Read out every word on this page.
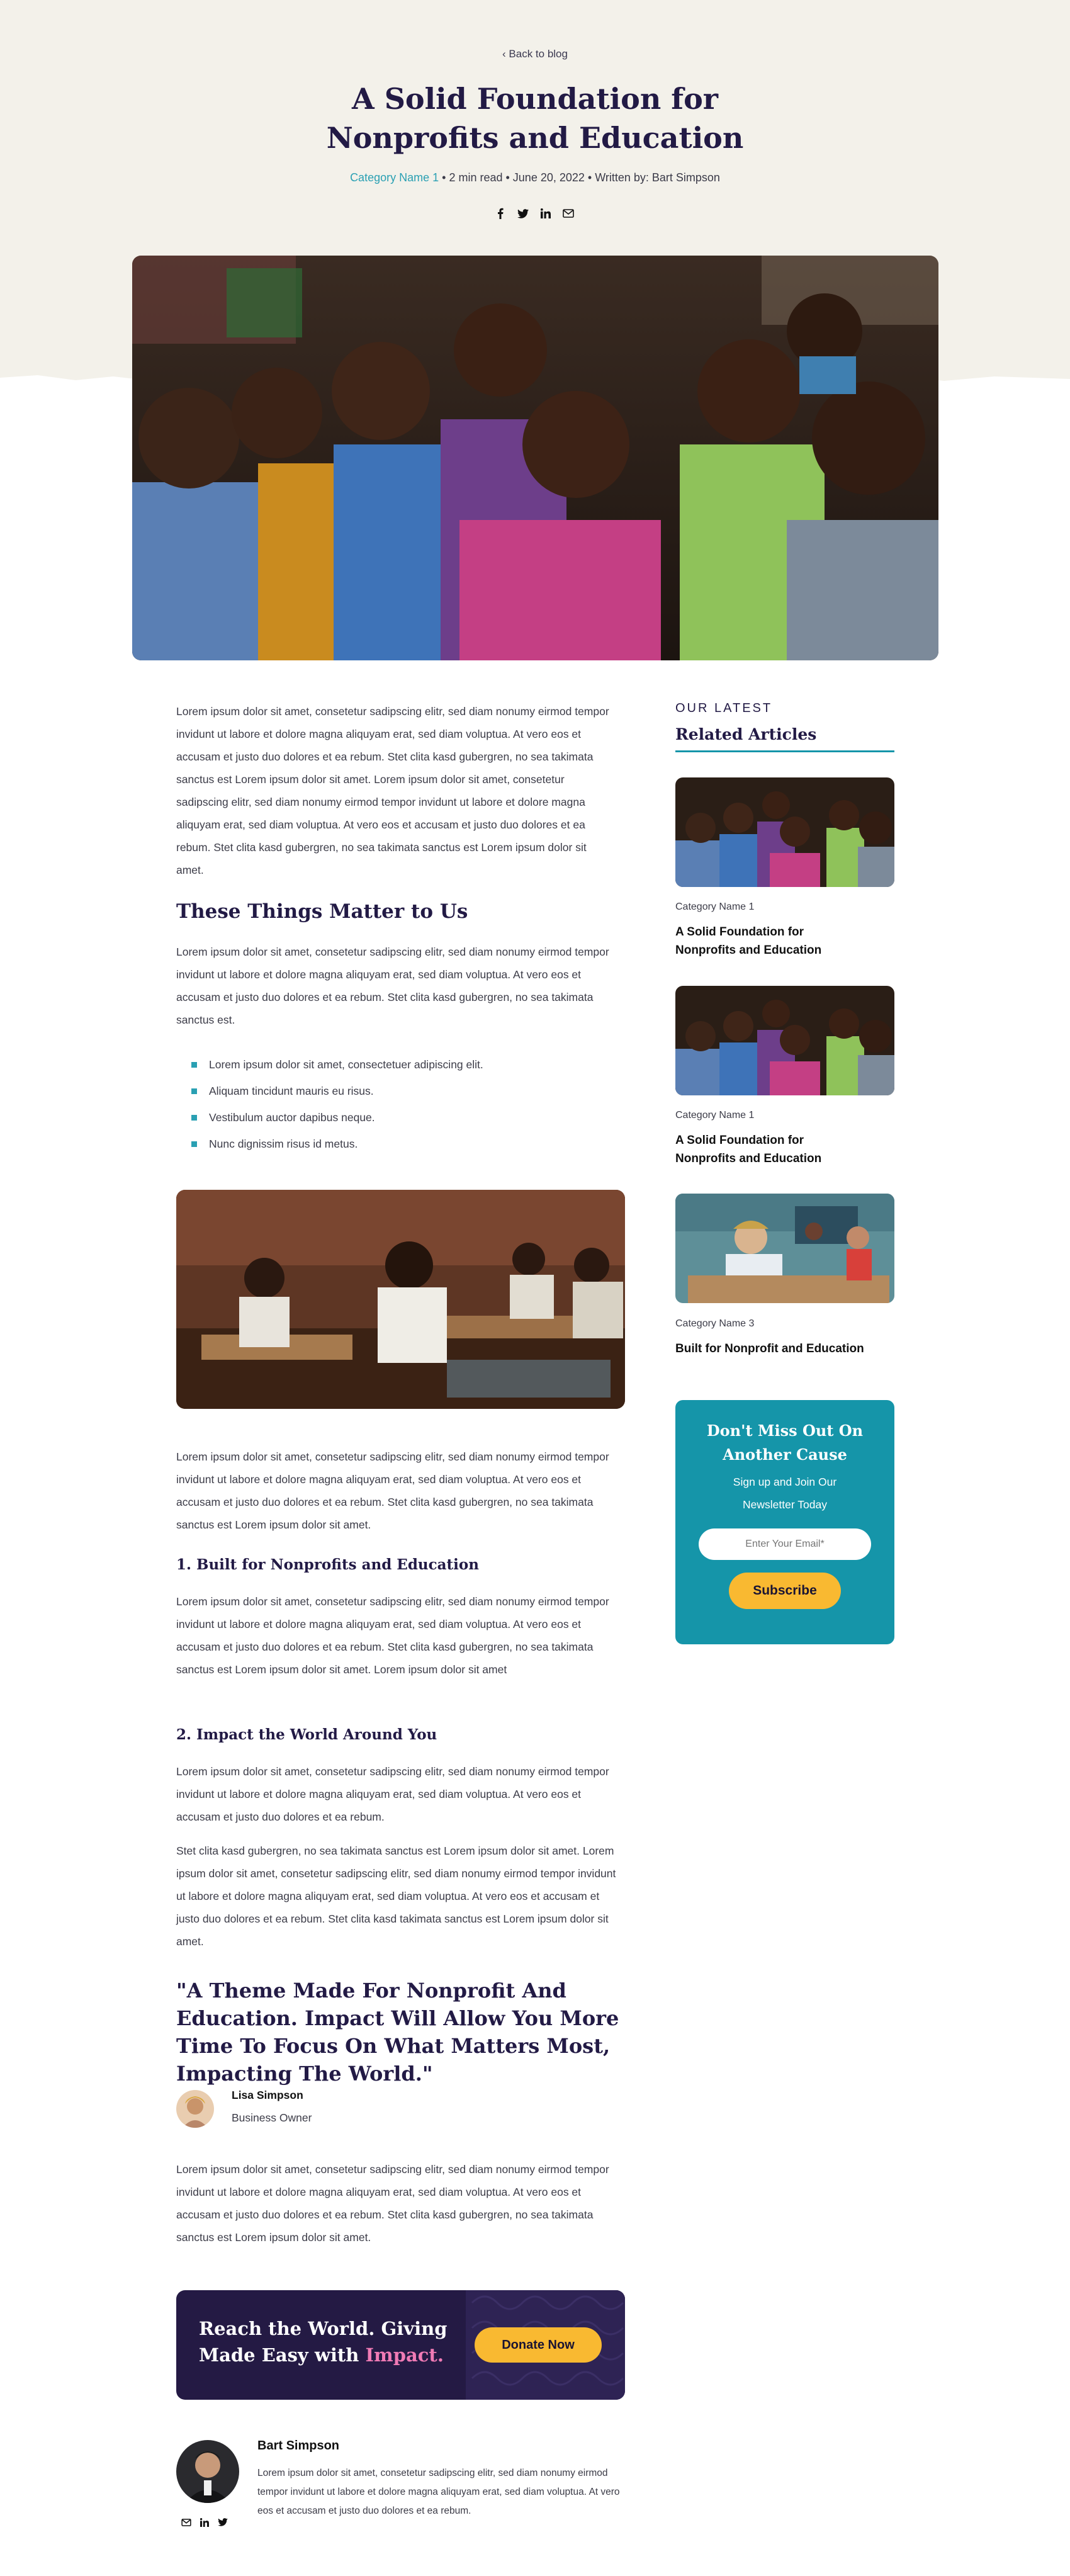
‹ Back to blog
A Solid Foundation for
Nonprofits and Education
Category Name 1 • 2 min read • June 20, 2022 • Written by: Bart Simpson

Lorem ipsum dolor sit amet, consetetur sadipscing elitr, sed diam nonumy eirmod tempor invidunt ut labore et dolore magna aliquyam erat, sed diam voluptua. At vero eos et accusam et justo duo dolores et ea rebum. Stet clita kasd gubergren, no sea takimata sanctus est Lorem ipsum dolor sit amet. Lorem ipsum dolor sit amet, consetetur sadipscing elitr, sed diam nonumy eirmod tempor invidunt ut labore et dolore magna aliquyam erat, sed diam voluptua. At vero eos et accusam et justo duo dolores et ea rebum. Stet clita kasd gubergren, no sea takimata sanctus est Lorem ipsum dolor sit amet.

These Things Matter to Us

Lorem ipsum dolor sit amet, consetetur sadipscing elitr, sed diam nonumy eirmod tempor invidunt ut labore et dolore magna aliquyam erat, sed diam voluptua. At vero eos et accusam et justo duo dolores et ea rebum. Stet clita kasd gubergren, no sea takimata sanctus est.

Lorem ipsum dolor sit amet, consectetuer adipiscing elit.
Aliquam tincidunt mauris eu risus.
Vestibulum auctor dapibus neque.
Nunc dignissim risus id metus.

Lorem ipsum dolor sit amet, consetetur sadipscing elitr, sed diam nonumy eirmod tempor invidunt ut labore et dolore magna aliquyam erat, sed diam voluptua. At vero eos et accusam et justo duo dolores et ea rebum. Stet clita kasd gubergren, no sea takimata sanctus est Lorem ipsum dolor sit amet.

1. Built for Nonprofits and Education

Lorem ipsum dolor sit amet, consetetur sadipscing elitr, sed diam nonumy eirmod tempor invidunt ut labore et dolore magna aliquyam erat, sed diam voluptua. At vero eos et accusam et justo duo dolores et ea rebum. Stet clita kasd gubergren, no sea takimata sanctus est Lorem ipsum dolor sit amet. Lorem ipsum dolor sit amet

2. Impact the World Around You

Lorem ipsum dolor sit amet, consetetur sadipscing elitr, sed diam nonumy eirmod tempor invidunt ut labore et dolore magna aliquyam erat, sed diam voluptua. At vero eos et accusam et justo duo dolores et ea rebum.

Stet clita kasd gubergren, no sea takimata sanctus est Lorem ipsum dolor sit amet. Lorem ipsum dolor sit amet, consetetur sadipscing elitr, sed diam nonumy eirmod tempor invidunt ut labore et dolore magna aliquyam erat, sed diam voluptua. At vero eos et accusam et justo duo dolores et ea rebum. Stet clita kasd takimata sanctus est Lorem ipsum dolor sit amet.

"A Theme Made For Nonprofit And Education. Impact Will Allow You More Time To Focus On What Matters Most, Impacting The World."
Lisa Simpson
Business Owner

Lorem ipsum dolor sit amet, consetetur sadipscing elitr, sed diam nonumy eirmod tempor invidunt ut labore et dolore magna aliquyam erat, sed diam voluptua. At vero eos et accusam et justo duo dolores et ea rebum. Stet clita kasd gubergren, no sea takimata sanctus est Lorem ipsum dolor sit amet.

Reach the World. Giving
Made Easy with Impact.	Donate Now
Bart Simpson

Lorem ipsum dolor sit amet, consetetur sadipscing elitr, sed diam nonumy eirmod tempor invidunt ut labore et dolore magna aliquyam erat, sed diam voluptua. At vero eos et accusam et justo duo dolores et ea rebum.

OUR LATEST
Related Articles
Category Name 1
A Solid Foundation for Nonprofits and Education
Category Name 1
A Solid Foundation for Nonprofits and Education
Category Name 3
Built for Nonprofit and Education
Don't Miss Out On
Another Cause
Sign up and Join Our
Newsletter Today
Enter Your Email* Subscribe
